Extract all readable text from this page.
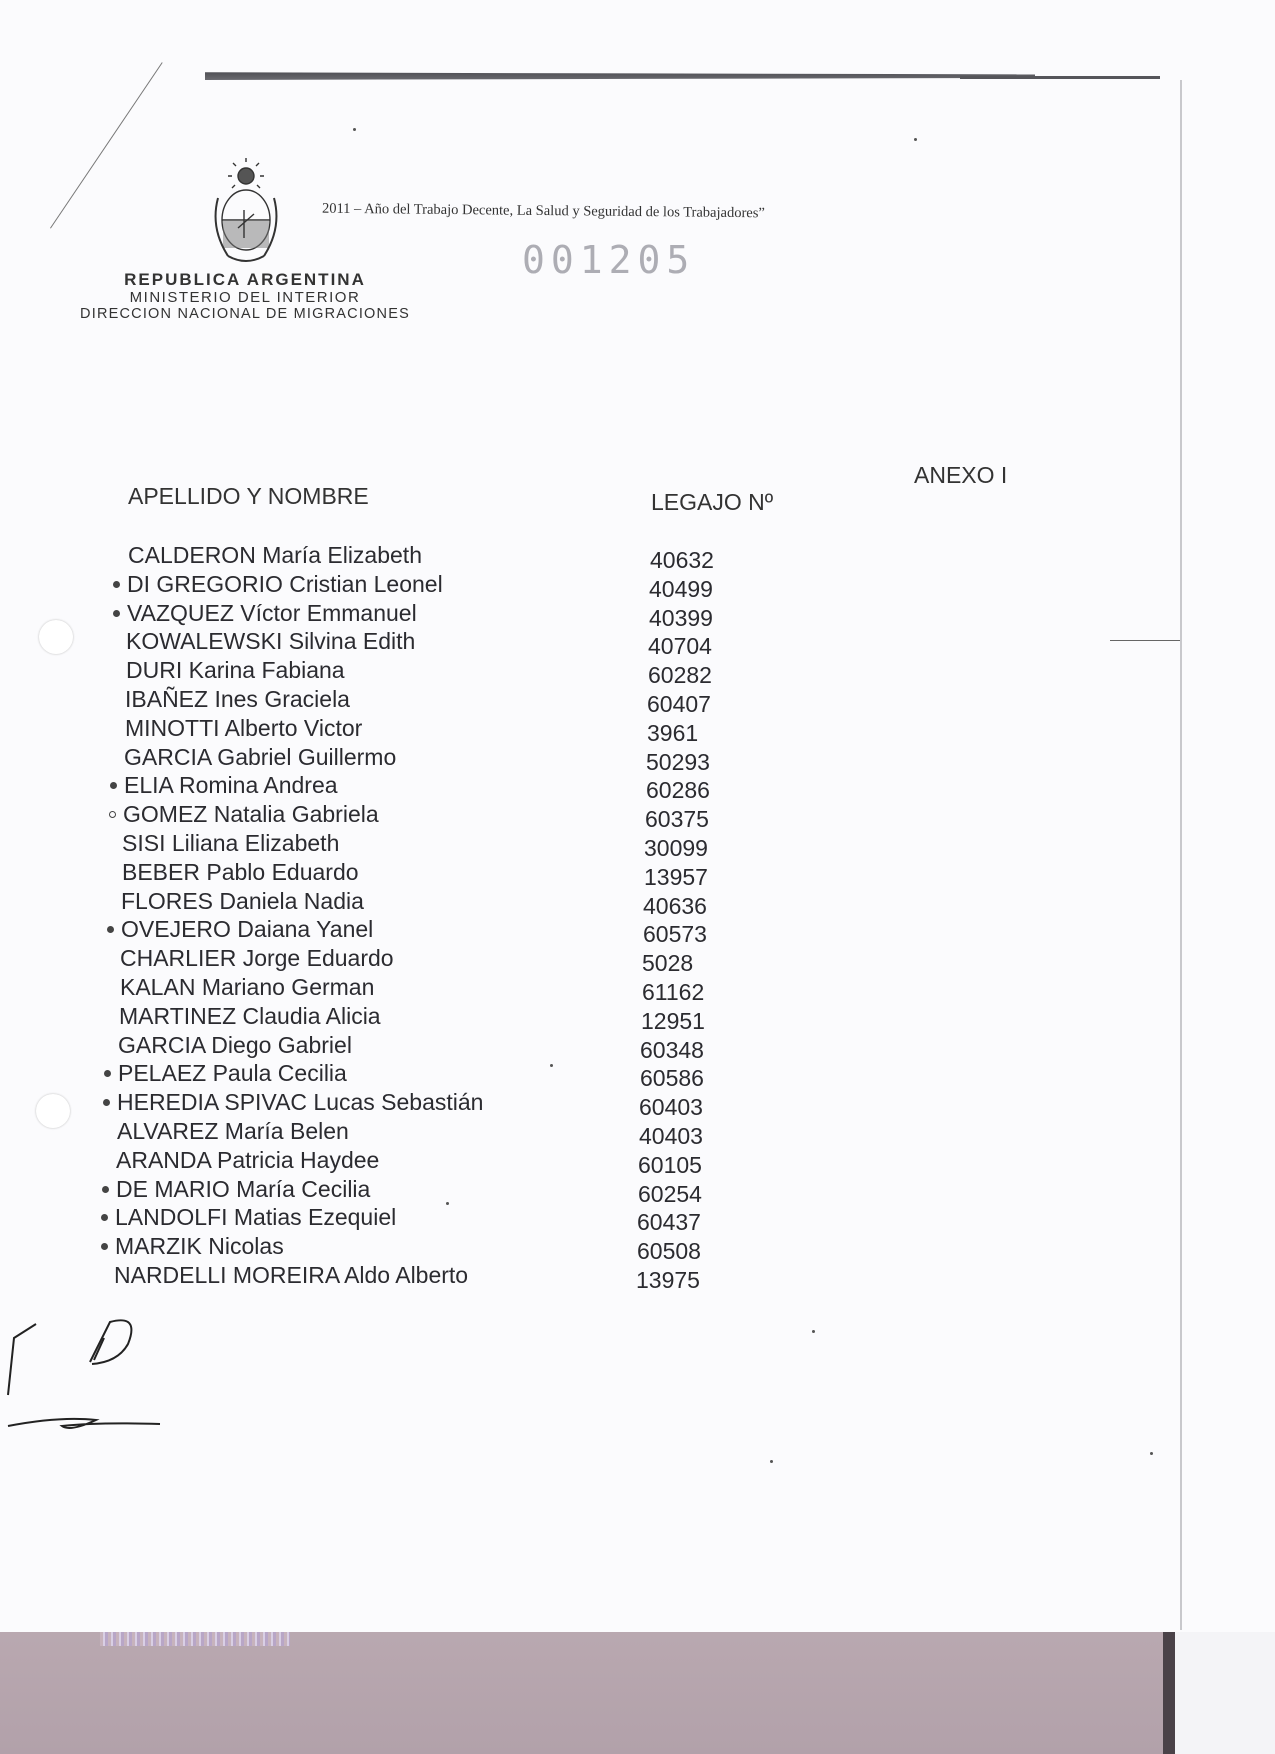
2011 – Año del Trabajo Decente, La Salud y Seguridad de los Trabajadores”
001205
REPUBLICA ARGENTINA
MINISTERIO DEL INTERIOR
DIRECCION NACIONAL DE MIGRACIONES
ANEXO I
APELLIDO Y NOMBRE	LEGAJO Nº
CALDERON María Elizabeth	40632
DI GREGORIO Cristian Leonel	40499
VAZQUEZ Víctor Emmanuel	40399
KOWALEWSKI Silvina Edith	40704
DURI Karina Fabiana	60282
IBAÑEZ Ines Graciela	60407
MINOTTI Alberto Victor	3961
GARCIA Gabriel Guillermo	50293
ELIA Romina Andrea	60286
GOMEZ Natalia Gabriela	60375
SISI Liliana Elizabeth	30099
BEBER Pablo Eduardo	13957
FLORES Daniela Nadia	40636
OVEJERO Daiana Yanel	60573
CHARLIER Jorge Eduardo	5028
KALAN Mariano German	61162
MARTINEZ Claudia Alicia	12951
GARCIA Diego Gabriel	60348
PELAEZ Paula Cecilia	60586
HEREDIA SPIVAC Lucas Sebastián	60403
ALVAREZ María Belen	40403
ARANDA Patricia Haydee	60105
DE MARIO María Cecilia	60254
LANDOLFI Matias Ezequiel	60437
MARZIK Nicolas	60508
NARDELLI MOREIRA Aldo Alberto	13975
